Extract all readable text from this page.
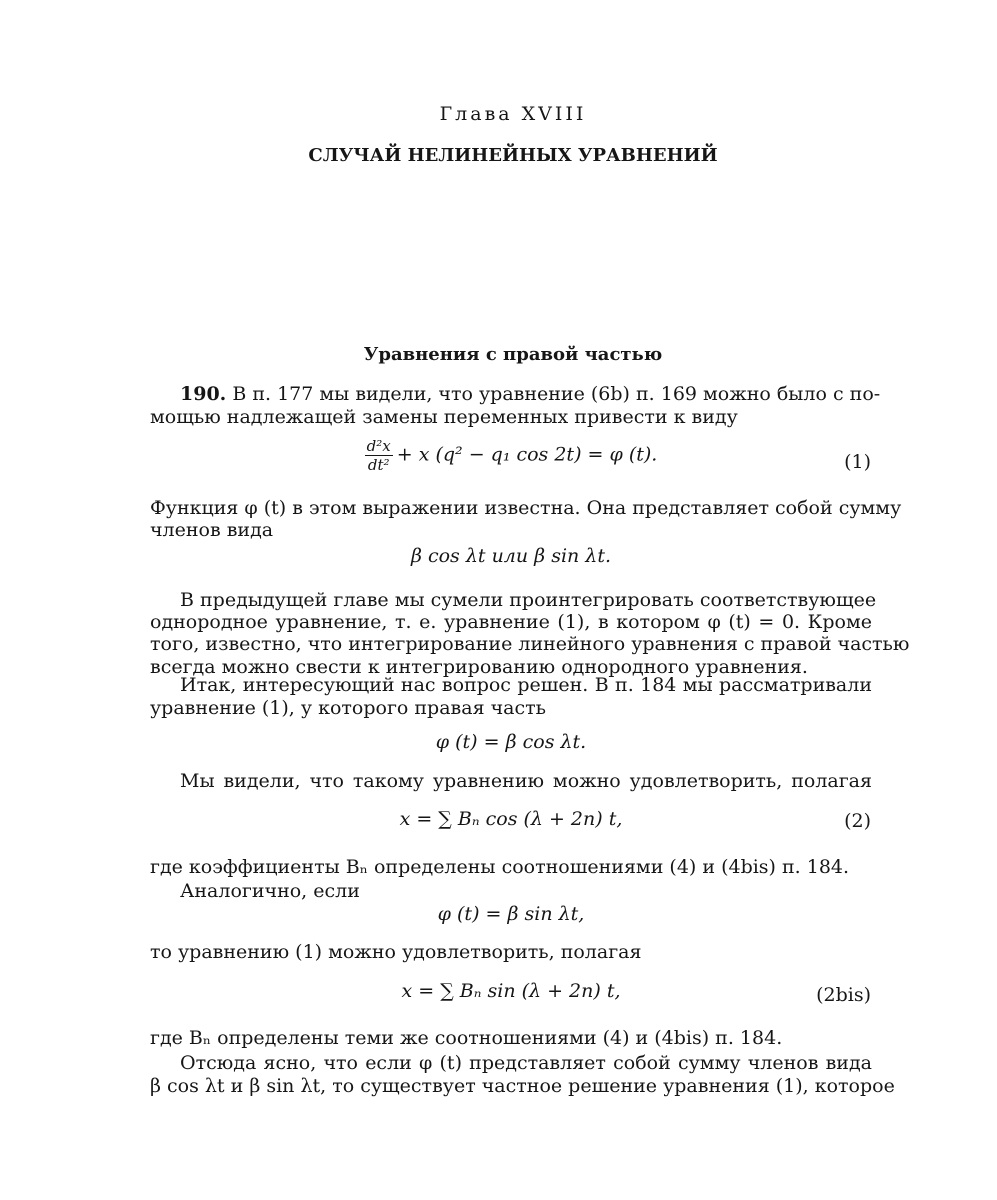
Глава XVIII
СЛУЧАЙ НЕЛИНЕЙНЫХ УРАВНЕНИЙ
Уравнения с правой частью
190. В п. 177 мы видели, что уравнение (6b) п. 169 можно было с по-
мощью надлежащей замены переменных привести к виду
$\frac{\text{d²x}}{\text{dt²}} + x$ (q² − q₁ cos 2t) = φ (t).	(1)
Функция φ (t) в этом выражении известна. Она представляет собой сумму
членов вида
β cos λt или β sin λt.
В предыдущей главе мы сумели проинтегрировать соответствующее
однородное уравнение, т. е. уравнение (1), в котором φ (t) = 0. Кроме
того, известно, что интегрирование линейного уравнения с правой частью
всегда можно свести к интегрированию однородного уравнения.
Итак, интересующий нас вопрос решен. В п. 184 мы рассматривали
уравнение (1), у которого правая часть
φ (t) = β cos λt.
Мы видели, что такому уравнению можно удовлетворить, полагая
x = ∑ Bₙ cos (λ + 2n) t,	(2)
где коэффициенты Bₙ определены соотношениями (4) и (4bis) п. 184.
Аналогично, если
φ (t) = β sin λt,
то уравнению (1) можно удовлетворить, полагая
x = ∑ Bₙ sin (λ + 2n) t,	(2bis)
где Bₙ определены теми же соотношениями (4) и (4bis) п. 184.
Отсюда ясно, что если φ (t) представляет собой сумму членов вида
β cos λt и β sin λt, то существует частное решение уравнения (1), которое
